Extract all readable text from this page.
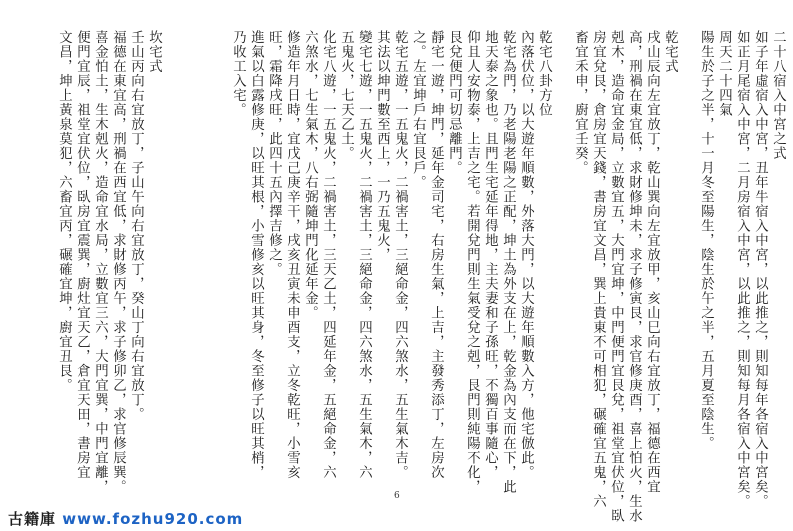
二十八宿入中宮之式
如子年虛宿入中宮，丑年牛宿入中宮，以此推之，則知每年各宿入中宮矣。
如正月尾宿入中宮，二月房宿入中宮，以此推之，則知每月各宿入中宮矣。
周天二十四氣
陽生於子之半，十一月冬至陽生，陰生於午之半，五月夏至陰生。
乾宅式
戌山辰向左宜放丁，乾山巽向左宜放甲，亥山巳向右宜放丁，福德在西宜
高，刑禍在東宜低，求財修坤未，求子修寅艮，求官修庚酉，喜上怕火，生水
剋木，造命宜金局，立數宜五，大門宜坤，中門便門宜艮兌，祖堂宜伏位，臥
房宜兌艮，倉房宜天錢，書房宜文昌，巽上貴東不可相犯，碾確宜五鬼，六
畜宜禾申，廚宜壬癸。
乾宅八卦方位
內落伏位，以大遊年順數，外落大門，以大遊年順數入方，他宅倣此。
乾宅為門，乃老陽老陽之正配，坤土為外支在上，乾金為內支而在下，此
地天泰之象也。且門生宅延年得地，主夫妻和子孫旺，不獨百事隨心，
仰且人安物泰，上吉之宅。若開兌門則生氣受兌之剋，艮門則純陽不化，
艮兌便門可切忌離門。
靜宅一遊，坤門，延年金司宅，右房生氣，上吉，主發秀添丁，左房次
之。左宜坤戶右宜艮戶。
乾宅五遊，一五鬼火，二禍害土，三絕命金，四六煞水，五生氣木吉。
其法以坤門數至西上，一乃五鬼火，
變宅七遊，一五鬼火，二禍害土，三絕命金，四六煞水，五生氣木，六
五鬼火，七天乙土。
化宅八遊，一五鬼火，二禍害土，三天乙土，四延年金，五絕命金，六
六煞水，七生氣木，八右弼隨坤門化延年金。
修造年月日時，宜戊己庚辛干，戌亥丑寅未申酉支，立冬乾旺，小雪亥
旺，霜降戌旺，此四十五內擇吉修之。
進氣以白露修庚，以旺其根，小雪修亥以旺其身，冬至修子以旺其梢，
乃收工入宅。
坎宅式
壬山丙向右宜放丁，子山午向右宜放丁，癸山丁向右宜放丁。
福德在東宜高，刑禍在西宜低，求財修丙午，求子修卯乙，求官修辰巽。
喜金怕土，生木剋火，造命宜水局，立數宜三六，大門宜巽，中門宜離，
便門宜辰，祖堂宜伏位，臥房宜震巽，廚灶宜天乙，倉宜天田，書房宜
文昌，坤上黃泉莫犯，六畜宜丙，碾確宜坤，廚宜丑艮。
6
古籍庫 www.fozhu920.com
